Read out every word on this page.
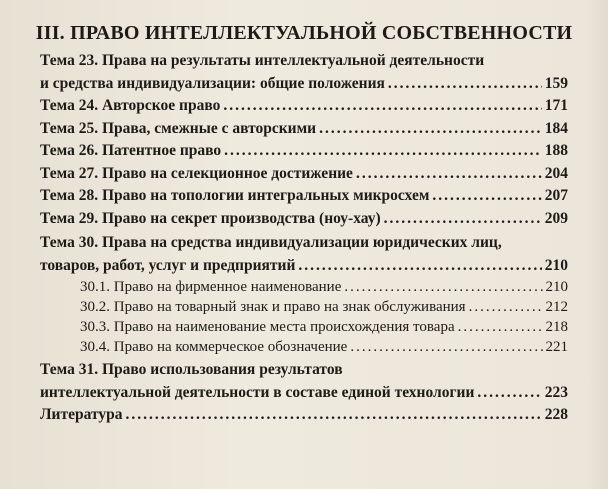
III. ПРАВО ИНТЕЛЛЕКТУАЛЬНОЙ СОБСТВЕННОСТИ
Тема 23. Права на результаты интеллектуальной деятельности
и средства индивидуализации: общие положения .....	159
Тема 24. Авторское право .....	171
Тема 25. Права, смежные с авторскими .....	184
Тема 26. Патентное право .....	188
Тема 27. Право на селекционное достижение .....	204
Тема 28. Право на топологии интегральных микросхем .....	207
Тема 29. Право на секрет производства (ноу-хау) .....	209
Тема 30. Права на средства индивидуализации юридических лиц,
товаров, работ, услуг и предприятий .....	210
30.1. Право на фирменное наименование .....	210
30.2. Право на товарный знак и право на знак обслуживания .....	212
30.3. Право на наименование места происхождения товара .....	218
30.4. Право на коммерческое обозначение .....	221
Тема 31. Право использования результатов
интеллектуальной деятельности в составе единой технологии .....	223
Литература .....	228
